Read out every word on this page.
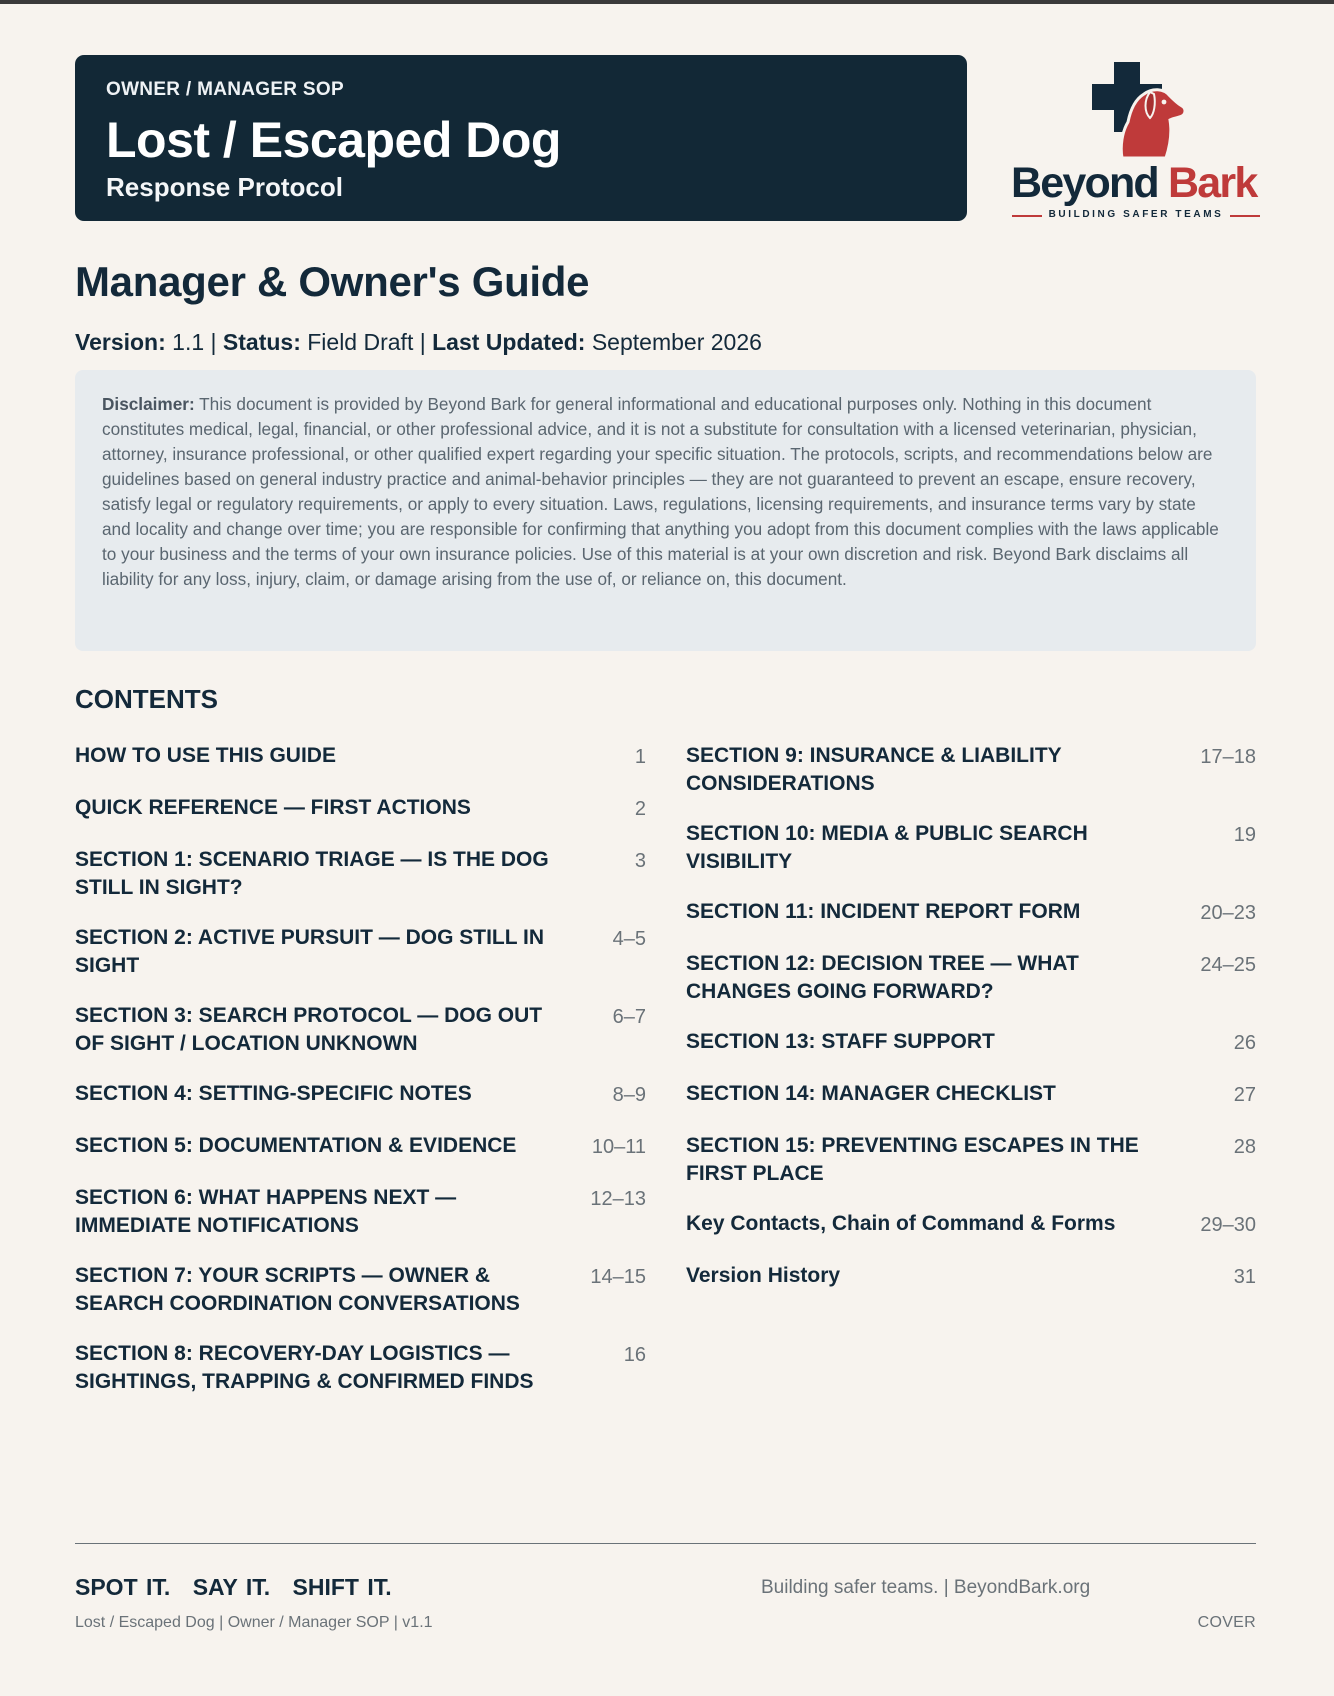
OWNER / MANAGER SOP
Lost / Escaped Dog
Response Protocol	Beyond Bark
BUILDING SAFER TEAMS
Manager & Owner's Guide
Version: 1.1 | Status: Field Draft | Last Updated: September 2026
Disclaimer: This document is provided by Beyond Bark for general informational and educational purposes only. Nothing in this document constitutes medical, legal, financial, or other professional advice, and it is not a substitute for consultation with a licensed veterinarian, physician, attorney, insurance professional, or other qualified expert regarding your specific situation. The protocols, scripts, and recommendations below are guidelines based on general industry practice and animal-behavior principles — they are not guaranteed to prevent an escape, ensure recovery, satisfy legal or regulatory requirements, or apply to every situation. Laws, regulations, licensing requirements, and insurance terms vary by state and locality and change over time; you are responsible for confirming that anything you adopt from this document complies with the laws applicable to your business and the terms of your own insurance policies. Use of this material is at your own discretion and risk. Beyond Bark disclaims all liability for any loss, injury, claim, or damage arising from the use of, or reliance on, this document.
CONTENTS
HOW TO USE THIS GUIDE	1
QUICK REFERENCE — FIRST ACTIONS	2
SECTION 1: SCENARIO TRIAGE — IS THE DOG STILL IN SIGHT?
3
SECTION 2: ACTIVE PURSUIT — DOG STILL IN SIGHT
4–5
SECTION 3: SEARCH PROTOCOL — DOG OUT OF SIGHT / LOCATION UNKNOWN
6–7
SECTION 4: SETTING-SPECIFIC NOTES	8–9
SECTION 5: DOCUMENTATION & EVIDENCE	10–11
SECTION 6: WHAT HAPPENS NEXT — IMMEDIATE NOTIFICATIONS
12–13
SECTION 7: YOUR SCRIPTS — OWNER & SEARCH COORDINATION CONVERSATIONS
14–15
SECTION 8: RECOVERY-DAY LOGISTICS — SIGHTINGS, TRAPPING & CONFIRMED FINDS
16
SECTION 9: INSURANCE & LIABILITY CONSIDERATIONS
17–18
SECTION 10: MEDIA & PUBLIC SEARCH VISIBILITY
19
SECTION 11: INCIDENT REPORT FORM	20–23
SECTION 12: DECISION TREE — WHAT CHANGES GOING FORWARD?
24–25
SECTION 13: STAFF SUPPORT	26
SECTION 14: MANAGER CHECKLIST	27
SECTION 15: PREVENTING ESCAPES IN THE FIRST PLACE
28
Key Contacts, Chain of Command & Forms	29–30
Version History	31
SPOT IT. SAY IT. SHIFT IT.	Building safer teams. | BeyondBark.org
Lost / Escaped Dog | Owner / Manager SOP | v1.1	COVER
